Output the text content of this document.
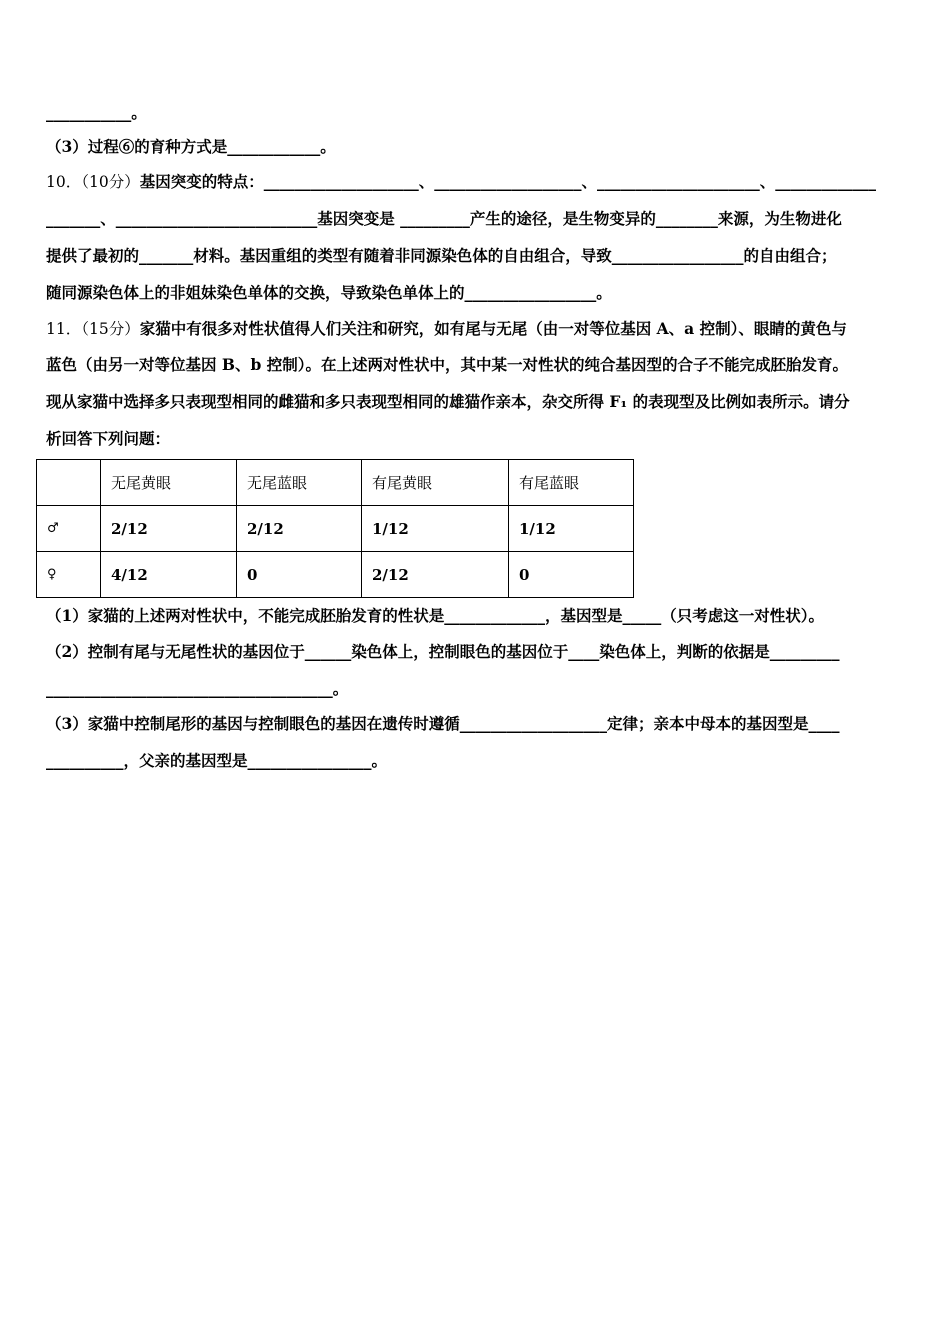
___________。
（3）过程⑥的育种方式是____________。
10．（10分）基因突变的特点：____________________、___________________、_____________________、_____________
_______、__________________________基因突变是 _________产生的途径，是生物变异的________来源，为生物进化
提供了最初的_______材料。基因重组的类型有随着非同源染色体的自由组合，导致_________________的自由组合；
随同源染色体上的非姐妹染色单体的交换，导致染色单体上的_________________。
11．（15分）家猫中有很多对性状值得人们关注和研究，如有尾与无尾（由一对等位基因 A、a 控制）、眼睛的黄色与
蓝色（由另一对等位基因 B、b 控制）。在上述两对性状中，其中某一对性状的纯合基因型的合子不能完成胚胎发育。
现从家猫中选择多只表现型相同的雌猫和多只表现型相同的雄猫作亲本，杂交所得 F₁ 的表现型及比例如表所示。请分
析回答下列问题：
	无尾黄眼	无尾蓝眼	有尾黄眼	有尾蓝眼
♂	2/12	2/12	1/12	1/12
♀	4/12	0	2/12	0
（1）家猫的上述两对性状中，不能完成胚胎发育的性状是_____________，基因型是_____（只考虑这一对性状）。
（2）控制有尾与无尾性状的基因位于______染色体上，控制眼色的基因位于____染色体上，判断的依据是_________
_____________________________________。
（3）家猫中控制尾形的基因与控制眼色的基因在遗传时遵循___________________定律；亲本中母本的基因型是____
__________，父亲的基因型是________________。
